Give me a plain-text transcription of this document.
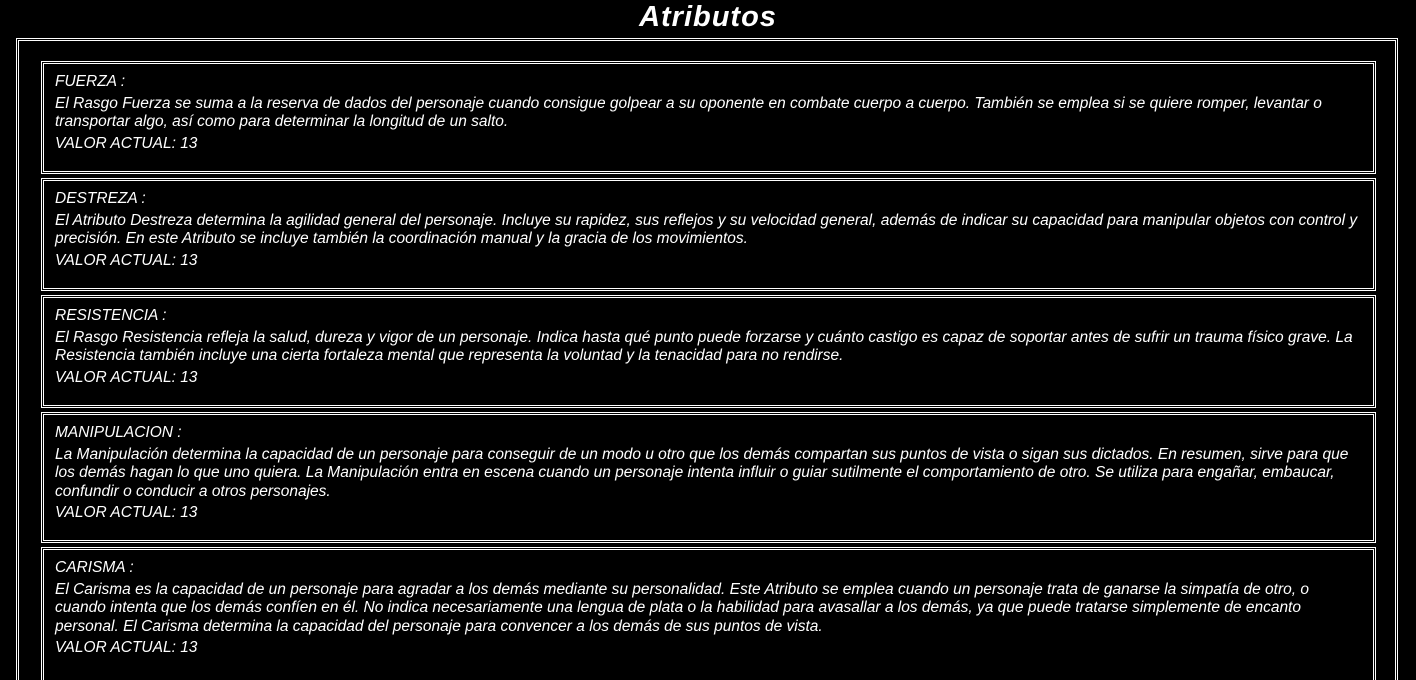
Atributos
FUERZA :
El Rasgo Fuerza se suma a la reserva de dados del personaje cuando consigue golpear a su oponente en combate cuerpo a cuerpo. También se emplea si se quiere romper, levantar o transportar algo, así como para determinar la longitud de un salto.
VALOR ACTUAL: 13
DESTREZA :
El Atributo Destreza determina la agilidad general del personaje. Incluye su rapidez, sus reflejos y su velocidad general, además de indicar su capacidad para manipular objetos con control y precisión. En este Atributo se incluye también la coordinación manual y la gracia de los movimientos.
VALOR ACTUAL: 13
RESISTENCIA :
El Rasgo Resistencia refleja la salud, dureza y vigor de un personaje. Indica hasta qué punto puede forzarse y cuánto castigo es capaz de soportar antes de sufrir un trauma físico grave. La Resistencia también incluye una cierta fortaleza mental que representa la voluntad y la tenacidad para no rendirse.
VALOR ACTUAL: 13
MANIPULACION :
La Manipulación determina la capacidad de un personaje para conseguir de un modo u otro que los demás compartan sus puntos de vista o sigan sus dictados. En resumen, sirve para que los demás hagan lo que uno quiera. La Manipulación entra en escena cuando un personaje intenta influir o guiar sutilmente el comportamiento de otro. Se utiliza para engañar, embaucar, confundir o conducir a otros personajes.
VALOR ACTUAL: 13
CARISMA :
El Carisma es la capacidad de un personaje para agradar a los demás mediante su personalidad. Este Atributo se emplea cuando un personaje trata de ganarse la simpatía de otro, o cuando intenta que los demás confíen en él. No indica necesariamente una lengua de plata o la habilidad para avasallar a los demás, ya que puede tratarse simplemente de encanto personal. El Carisma determina la capacidad del personaje para convencer a los demás de sus puntos de vista.
VALOR ACTUAL: 13
